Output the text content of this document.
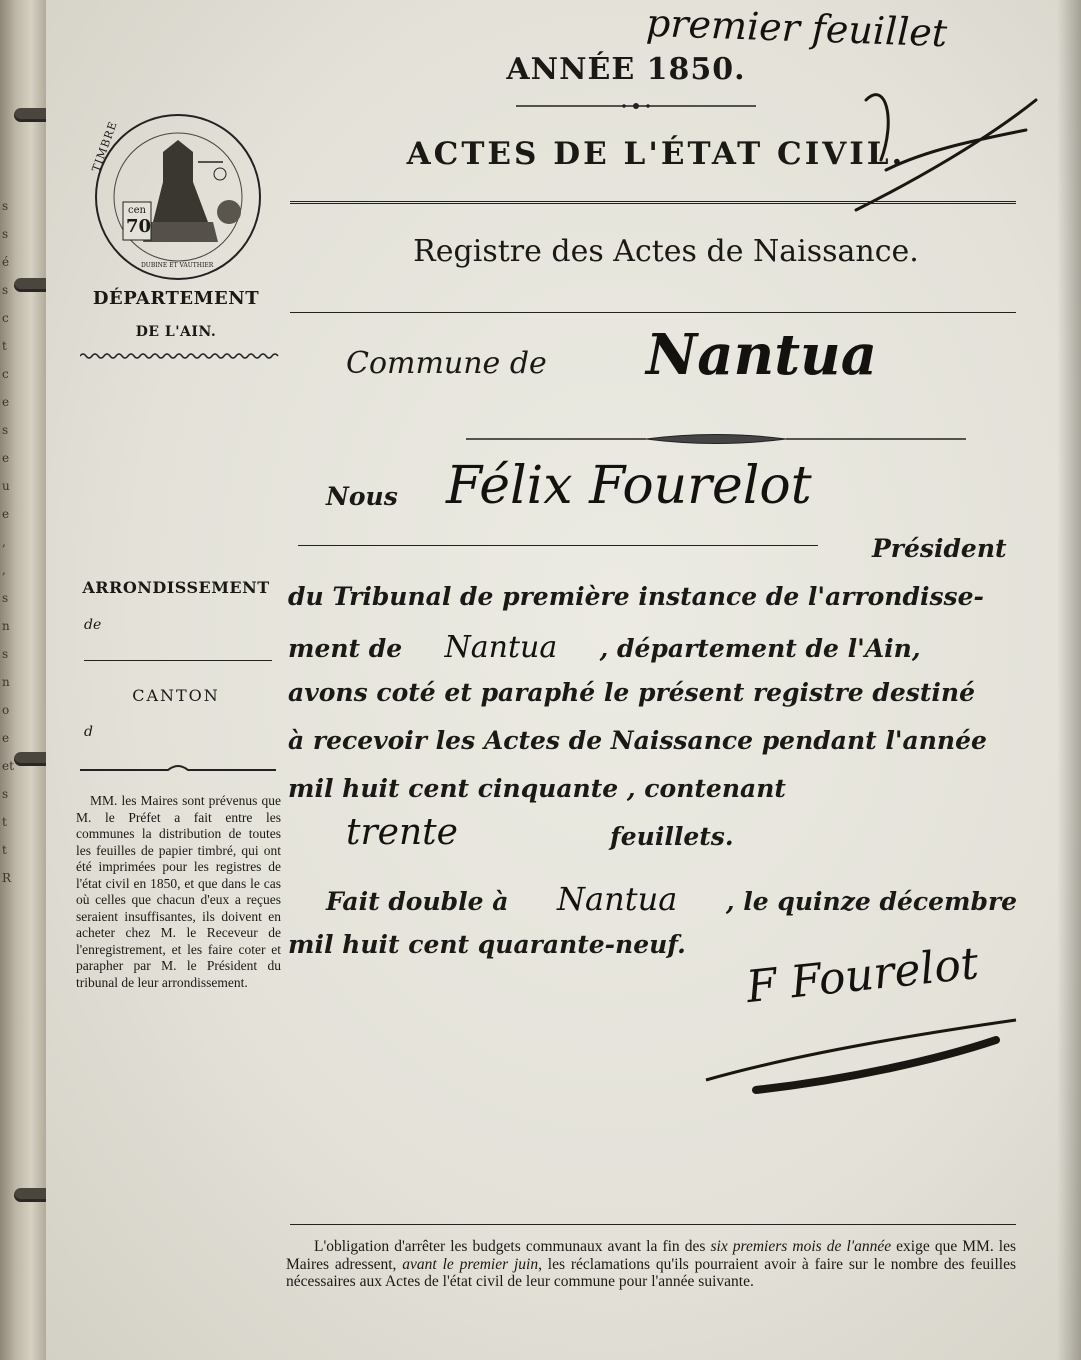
s
s
é
s
c
t
c
e
s
e
u
e
,
,
s
n
s
n
o
e
et
s
t
t
R
premier feuillet
ANNÉE 1850.
ACTES DE L'ÉTAT CIVIL.
Registre des Actes de Naissance.
TIMBRE
cen
70
DUBINE ET VAUTHIER
DÉPARTEMENT
DE L'AIN.
ARRONDISSEMENT
de
CANTON
d

MM. les Maires sont prévenus que M. le Préfet a fait entre les communes la distribution de toutes les feuilles de papier timbré, qui ont été imprimées pour les registres de l'état civil en 1850, et que dans le cas où celles que chacun d'eux a reçues seraient insuffisantes, ils doivent en acheter chez M. le Receveur de l'enregistrement, et les faire coter et parapher par M. le Président du tribunal de leur arrondissement.

Commune de Nantua
Nous Félix Fourelot
Président
du Tribunal de première instance de l'arrondisse-
ment de Nantua , département de l'Ain,
avons coté et paraphé le présent registre destiné
à recevoir les Actes de Naissance pendant l'année
mil huit cent cinquante , contenant
trente	feuillets.
Fait double à Nantua , le quinze décembre
mil huit cent quarante-neuf.	F Fourelot

L'obligation d'arrêter les budgets communaux avant la fin des six premiers mois de l'année exige que MM. les Maires adressent, avant le premier juin, les réclamations qu'ils pourraient avoir à faire sur le nombre des feuilles nécessaires aux Actes de l'état civil de leur commune pour l'année suivante.
